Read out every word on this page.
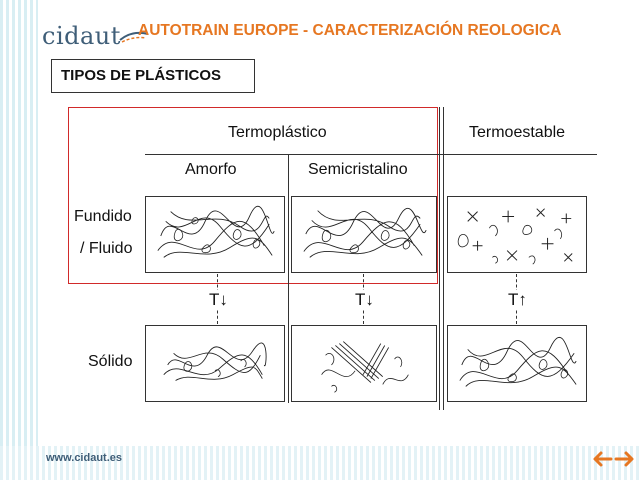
cidaut AUTOTRAIN EUROPE - CARACTERIZACIÓN REOLOGICA
TIPOS DE PLÁSTICOS
Termoplástico	Termoestable
Amorfo	Semicristalino
Fundido
/ Fluido
Sólido
T↓	T↓	T↑
www.cidaut.es
